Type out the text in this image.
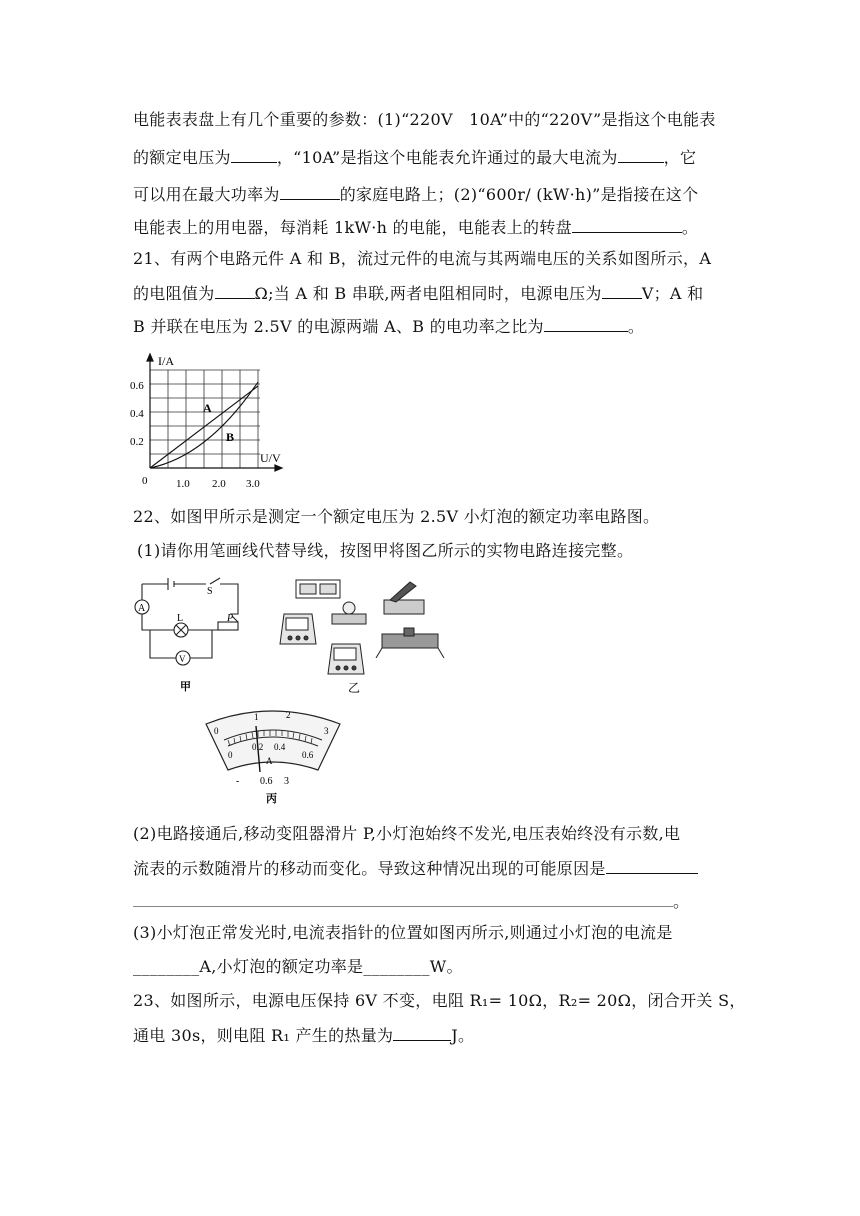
电能表表盘上有几个重要的参数：(1)“220V　10A”中的“220V”是指这个电能表
的额定电压为	，“10A”是指这个电能表允许通过的最大电流为	，它
可以用在最大功率为	的家庭电路上；(2)“600r/ (kW·h)”是指接在这个
电能表上的用电器，每消耗 1kW·h 的电能，电能表上的转盘	。
21、有两个电路元件 A 和 B，流过元件的电流与其两端电压的关系如图所示，A
的电阻值为	Ω;当 A 和 B 串联,两者电阻相同时，电源电压为	V；A 和
B 并联在电压为 2.5V 的电源两端 A、B 的电功率之比为	。
I/A
U/V
0.6
0.4
0.2
0	1.0 2.0 3.0
A
B
22、如图甲所示是测定一个额定电压为 2.5V 小灯泡的额定功率电路图。
(1)请你用笔画线代替导线，按图甲将图乙所示的实物电路连接完整。
S
A
L	P
V
甲	乙
0
1	2
3
0
0.2 0.4
0.6
A
- 0.6 3
丙
(2)电路接通后,移动变阻器滑片 P,小灯泡始终不发光,电压表始终没有示数,电
流表的示数随滑片的移动而变化。导致这种情况出现的可能原因是
。
(3)小灯泡正常发光时,电流表指针的位置如图丙所示,则通过小灯泡的电流是
________A,小灯泡的额定功率是________W。
23、如图所示，电源电压保持 6V 不变，电阻 R₁= 10Ω，R₂= 20Ω，闭合开关 S，
通电 30s，则电阻 R₁ 产生的热量为	J。
